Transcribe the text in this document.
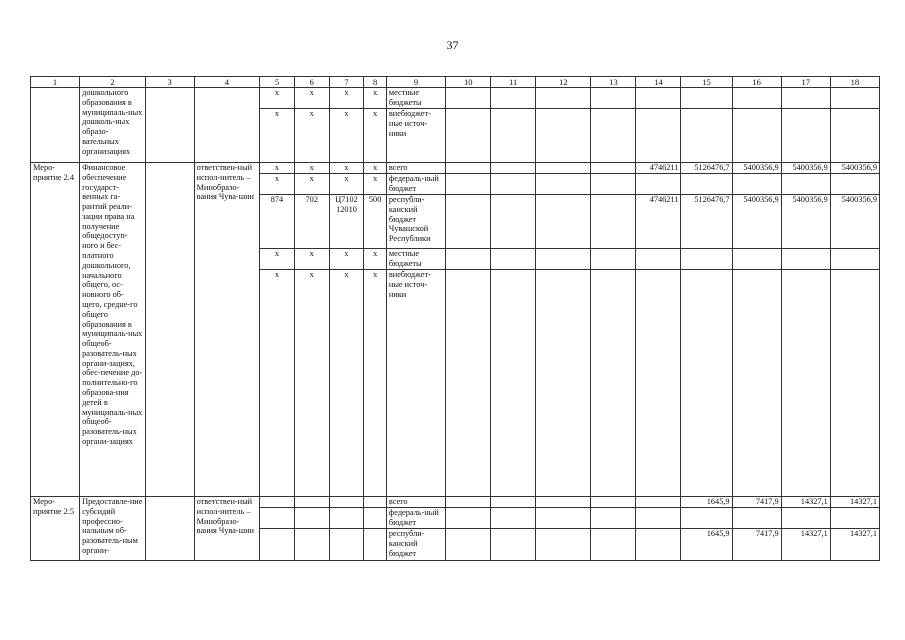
37
1	2	3	4	5	6	7	8	9	10	11	12	13	14	15	16	17	18
	дошкольного образования в муниципаль-ных дошколь-ных образо-вательных организациях			x	x	x	x	местные бюджеты									
				x	x	x	x	внебюджет-ные источ-ники									
Меро-приятие 2.4	Финансовое обеспечение государст-венных га-рантий реали-зации права на получение общедоступ-ного и бес-платного дошкольного, начального общего, ос-новного об-щего, средне-го общего образования в муниципаль-ных общеоб-разователь-ных органи-зациях, обес-печение до-полнительно-го образова-ния детей в муниципаль-ных общеоб-разователь-ных органи-зациях		ответствен-ный испол-нитель – Минобразо-вания Чува-шии	x	x	x	x	всего					4746211	5126476,7	5400356,9	5400356,9	5400356,9
				x	x	x	x	федераль-ный бюджет									
				874	702	Ц7102 12010	500	республи-канский бюджет Чувашской Республики					4746211	5126476,7	5400356,9	5400356,9	5400356,9
				x	x	x	x	местные бюджеты									
				x	x	x	x	внебюджет-ные источ-ники									
Меро-приятие 2.5	Предоставле-ние субсидий профессио-нальным об-разователь-ным органи-		ответствен-ный испол-нитель – Минобразо-вания Чува-шии					всего						1645,9	7417,9	14327,1	14327,1
								федераль-ный бюджет									
								республи-канский бюджет						1645,9	7417,9	14327,1	14327,1
